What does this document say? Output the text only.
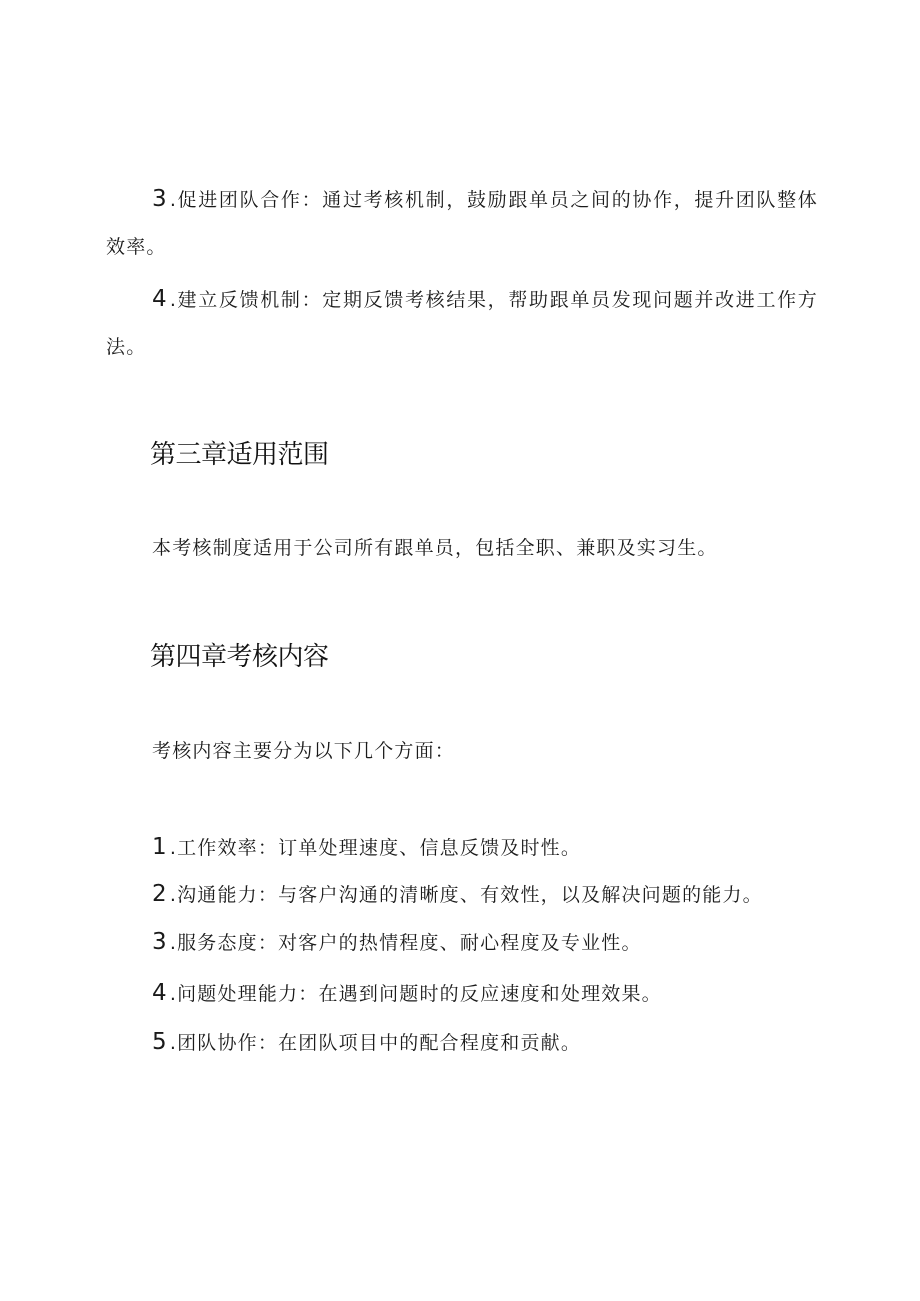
3 .促进团队合作：通过考核机制，鼓励跟单员之间的协作，提升团队整体效率。

4 .建立反馈机制：定期反馈考核结果，帮助跟单员发现问题并改进工作方法。

第三章适用范围

本考核制度适用于公司所有跟单员，包括全职、兼职及实习生。

第四章考核内容

考核内容主要分为以下几个方面：

1 .工作效率：订单处理速度、信息反馈及时性。

2 .沟通能力：与客户沟通的清晰度、有效性，以及解决问题的能力。

3 .服务态度：对客户的热情程度、耐心程度及专业性。

4 .问题处理能力：在遇到问题时的反应速度和处理效果。

5 .团队协作：在团队项目中的配合程度和贡献。
